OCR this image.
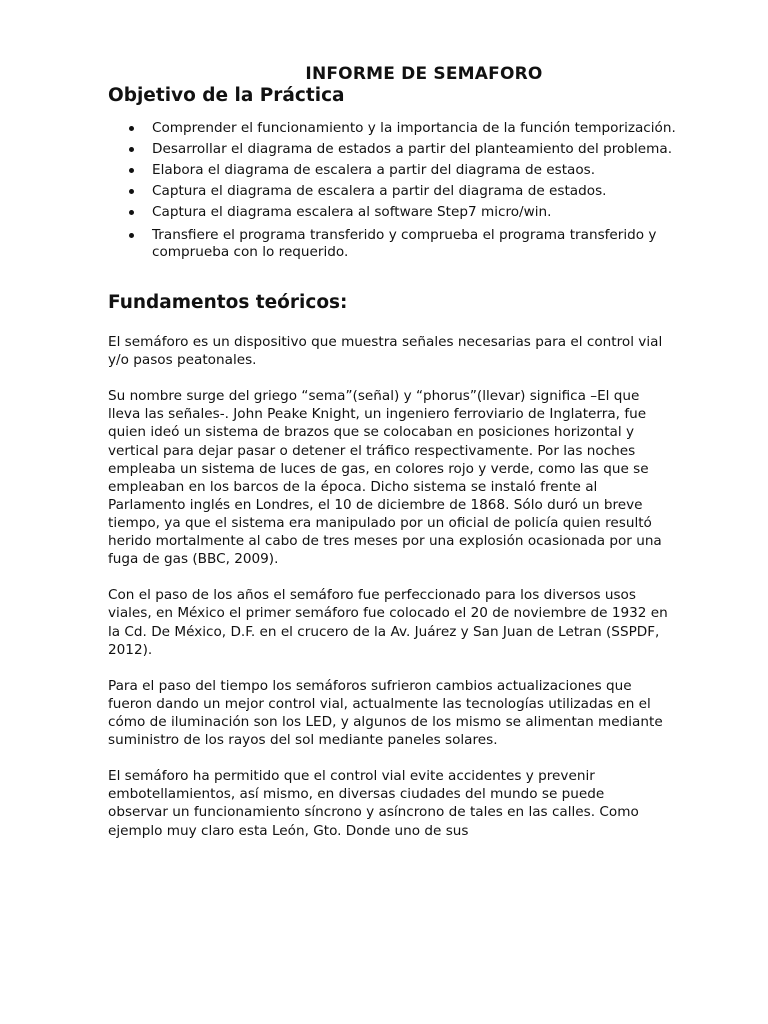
INFORME DE SEMAFORO
Objetivo de la Práctica
Comprender el funcionamiento y la importancia de la función temporización.
Desarrollar el diagrama de estados a partir del planteamiento del problema.
Elabora el diagrama de escalera a partir del diagrama de estaos.
Captura el diagrama de escalera a partir del diagrama de estados.
Captura el diagrama escalera al software Step7 micro/win.
Transfiere el programa transferido y comprueba el programa transferido y comprueba con lo requerido.
Fundamentos teóricos:

El semáforo es un dispositivo que muestra señales necesarias para el control vial y/o pasos peatonales.

Su nombre surge del griego “sema”(señal) y “phorus”(llevar) significa –El que lleva las señales-. John Peake Knight, un ingeniero ferroviario de Inglaterra, fue quien ideó un sistema de brazos que se colocaban en posiciones horizontal y vertical para dejar pasar o detener el tráfico respectivamente. Por las noches empleaba un sistema de luces de gas, en colores rojo y verde, como las que se empleaban en los barcos de la época. Dicho sistema se instaló frente al Parlamento inglés en Londres, el 10 de diciembre de 1868. Sólo duró un breve tiempo, ya que el sistema era manipulado por un oficial de policía quien resultó herido mortalmente al cabo de tres meses por una explosión ocasionada por una fuga de gas (BBC, 2009).

Con el paso de los años el semáforo fue perfeccionado para los diversos usos viales, en México el primer semáforo fue colocado el 20 de noviembre de 1932 en la Cd. De México, D.F. en el crucero de la Av. Juárez y San Juan de Letran (SSPDF, 2012).

Para el paso del tiempo los semáforos sufrieron cambios actualizaciones que fueron dando un mejor control vial, actualmente las tecnologías utilizadas en el cómo de iluminación son los LED, y algunos de los mismo se alimentan mediante suministro de los rayos del sol mediante paneles solares.

El semáforo ha permitido que el control vial evite accidentes y prevenir embotellamientos, así mismo, en diversas ciudades del mundo se puede observar un funcionamiento síncrono y asíncrono de tales en las calles. Como ejemplo muy claro esta León, Gto. Donde uno de sus
